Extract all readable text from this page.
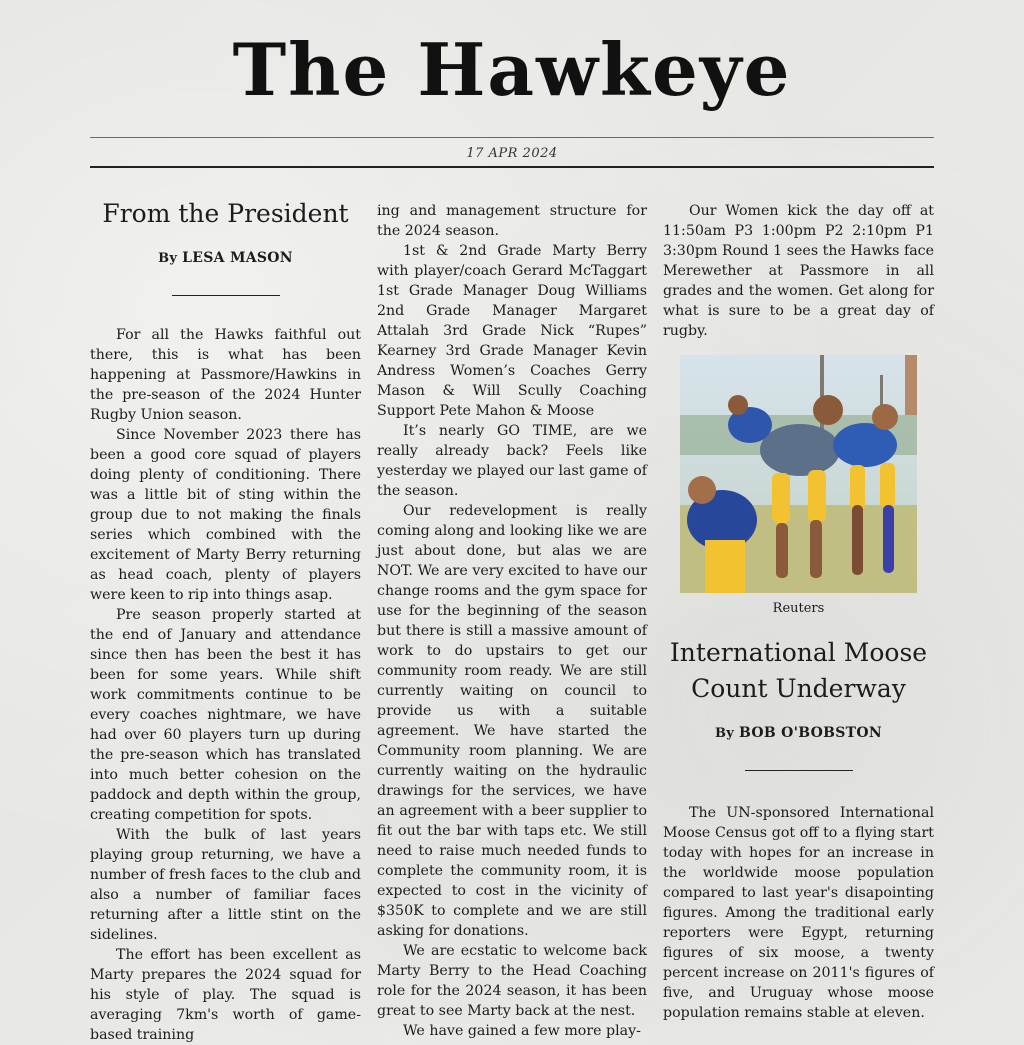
The Hawkeye
17 APR 2024
From the President
By LESA MASON

For all the Hawks faithful out there, this is what has been happening at Passmore/Hawkins in the pre-season of the 2024 Hunter Rugby Union season.

Since November 2023 there has been a good core squad of players doing plenty of conditioning. There was a little bit of sting within the group due to not making the finals series which combined with the excitement of Marty Berry returning as head coach, plenty of players were keen to rip into things asap.

Pre season properly started at the end of January and attendance since then has been the best it has been for some years. While shift work commitments continue to be every coaches nightmare, we have had over 60 players turn up during the pre-season which has translated into much better cohesion on the paddock and depth within the group, creating competition for spots.

With the bulk of last years playing group returning, we have a number of fresh faces to the club and also a number of familiar faces returning after a little stint on the sidelines.

The effort has been excellent as Marty prepares the 2024 squad for his style of play. The squad is averaging 7km's worth of game-based training

ing and management structure for the 2024 season.

1st & 2nd Grade Marty Berry with player/coach Gerard McTaggart 1st Grade Manager Doug Williams 2nd Grade Manager Margaret Attalah 3rd Grade Nick “Rupes” Kearney 3rd Grade Manager Kevin Andress Women’s Coaches Gerry Mason & Will Scully Coaching Support Pete Mahon & Moose

It’s nearly GO TIME, are we really already back? Feels like yesterday we played our last game of the season.

Our redevelopment is really coming along and looking like we are just about done, but alas we are NOT. We are very excited to have our change rooms and the gym space for use for the beginning of the season but there is still a massive amount of work to do upstairs to get our community room ready. We are still currently waiting on council to provide us with a suitable agreement. We have started the Community room planning. We are currently waiting on the hydraulic drawings for the services, we have an agreement with a beer supplier to fit out the bar with taps etc. We still need to raise much needed funds to complete the community room, it is expected to cost in the vicinity of $350K to complete and we are still asking for donations.

We are ecstatic to welcome back Marty Berry to the Head Coaching role for the 2024 season, it has been great to see Marty back at the nest.

We have gained a few more play-

Our Women kick the day off at 11:50am P3 1:00pm P2 2:10pm P1 3:30pm Round 1 sees the Hawks face Merewether at Passmore in all grades and the women. Get along for what is sure to be a great day of rugby.

Reuters
International Moose Count Underway
By BOB O'BOBSTON

The UN-sponsored International Moose Census got off to a flying start today with hopes for an increase in the worldwide moose population compared to last year's disapointing figures. Among the traditional early reporters were Egypt, returning figures of six moose, a twenty percent increase on 2011's figures of five, and Uruguay whose moose population remains stable at eleven.
